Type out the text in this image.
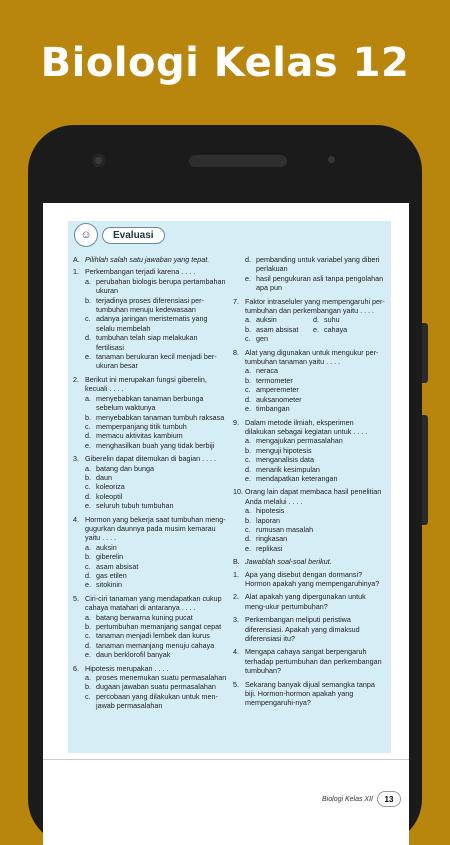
Biologi Kelas 12
☺	Evaluasi
A. Pilihlah salah satu jawaban yang tepat.
1. Perkembangan terjadi karena . . . .
a. perubahan biologis berupa pertambahan ukuran
b. terjadinya proses diferensiasi per-tumbuhan menuju kedewasaan
c. adanya jaringan meristematis yang selalu membelah
d. tumbuhan telah siap melakukan fertilisasi
e. tanaman berukuran kecil menjadi ber-ukuran besar
2. Berikut ini merupakan fungsi giberelin, kecuali . . . .
a. menyebabkan tanaman berbunga sebelum waktunya
b. menyebabkan tanaman tumbuh raksasa
c. memperpanjang titik tumbuh
d. memacu aktivitas kambium
e. menghasilkan buah yang tidak berbiji
3. Giberelin dapat ditemukan di bagian . . . .
a. batang dan bunga
b. daun
c. koleoriza
d. koleoptil
e. seluruh tubuh tumbuhan
4. Hormon yang bekerja saat tumbuhan meng-gugurkan daunnya pada musim kemarau yaitu . . . .
a. auksin
b. giberelin
c. asam absisat
d. gas etilen
e. sitokinin
5. Ciri-ciri tanaman yang mendapatkan cukup cahaya matahari di antaranya . . . .
a. batang berwarna kuning pucat
b. pertumbuhan memanjang sangat cepat
c. tanaman menjadi lembek dan kurus
d. tanaman memanjang menuju cahaya
e. daun berklorofil banyak
6. Hipotesis merupakan . . . .
a. proses menemukan suatu permasalahan
b. dugaan jawaban suatu permasalahan
c. percobaan yang dilakukan untuk men-jawab permasalahan
d. pembanding untuk variabel yang diberi perlakuan
e. hasil pengukuran asli tanpa pengolahan apa pun
7. Faktor intraseluler yang mempengaruhi per-tumbuhan dan perkembangan yaitu . . . .
a. auksin	d. suhu
b. asam absisat e. cahaya
c. gen
8. Alat yang digunakan untuk mengukur per-tumbuhan tanaman yaitu . . . .
a. neraca
b. termometer
c. amperemeter
d. auksanometer
e. timbangan
9. Dalam metode ilmiah, eksperimen dilakukan sebagai kegiatan untuk . . . .
a. mengajukan permasalahan
b. menguji hipotesis
c. menganalisis data
d. menarik kesimpulan
e. mendapatkan keterangan
10. Orang lain dapat membaca hasil penelitian Anda melalui . . . .
a. hipotesis
b. laporan
c. rumusan masalah
d. ringkasan
e. replikasi
B. Jawablah soal-soal berikut.
1. Apa yang disebut dengan dormansi? Hormon apakah yang mempengaruhinya?
2. Alat apakah yang dipergunakan untuk meng-ukur pertumbuhan?
3. Perkembangan meliputi peristiwa diferensiasi. Apakah yang dimaksud diferensiasi itu?
4. Mengapa cahaya sangat berpengaruh terhadap pertumbuhan dan perkembangan tumbuhan?
5. Sekarang banyak dijual semangka tanpa biji. Hormon-hormon apakah yang mempengaruhi-nya?
Biologi Kelas XII	13
